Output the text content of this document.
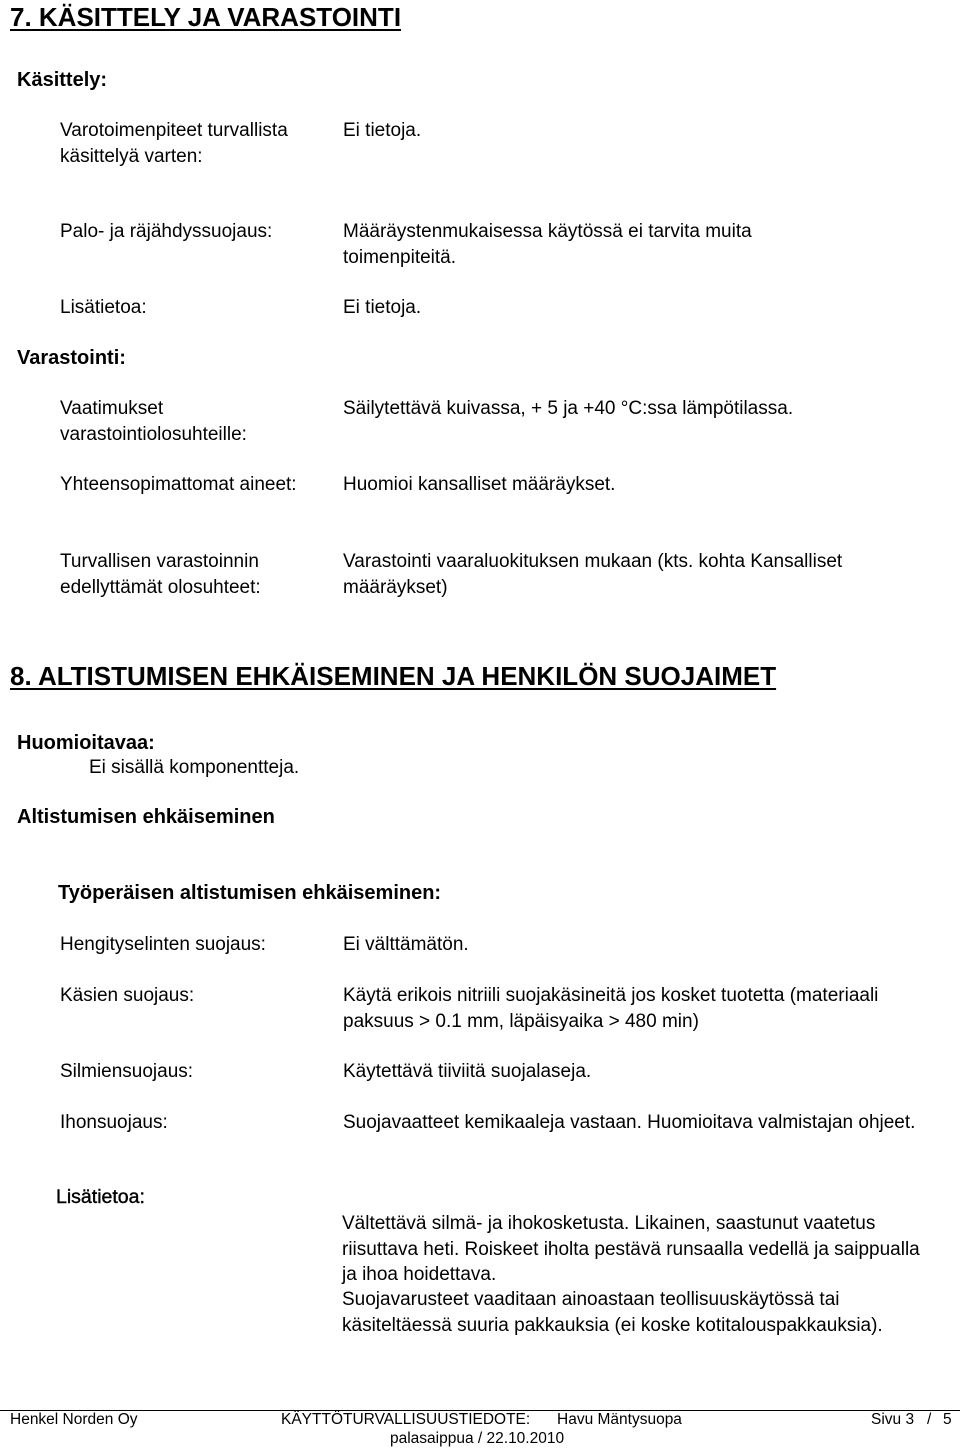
7. KÄSITTELY JA VARASTOINTI
Käsittely:
Varotoimenpiteet turvallista käsittelyä varten:
Ei tietoja.
Palo- ja räjähdyssuojaus:	Määräystenmukaisessa käytössä ei tarvita muita toimenpiteitä.
Lisätietoa:	Ei tietoja.
Varastointi:
Vaatimukset varastointiolosuhteille:
Säilytettävä kuivassa, + 5 ja +40 °C:ssa lämpötilassa.
Yhteensopimattomat aineet: Huomioi kansalliset määräykset.
Turvallisen varastoinnin edellyttämät olosuhteet:
Varastointi vaaraluokituksen mukaan (kts. kohta Kansalliset määräykset)
8. ALTISTUMISEN EHKÄISEMINEN JA HENKILÖN SUOJAIMET
Huomioitavaa:
Ei sisällä komponentteja.
Altistumisen ehkäiseminen
Työperäisen altistumisen ehkäiseminen:
Hengityselinten suojaus:	Ei välttämätön.
Käsien suojaus:	Käytä erikois nitriili suojakäsineitä jos kosket tuotetta (materiaali paksuus > 0.1 mm, läpäisyaika > 480 min)
Silmiensuojaus:	Käytettävä tiiviitä suojalaseja.
Ihonsuojaus:	Suojavaatteet kemikaaleja vastaan. Huomioitava valmistajan ohjeet.
Lisätietoa:
Vältettävä silmä- ja ihokosketusta. Likainen, saastunut vaatetus riisuttava heti. Roiskeet iholta pestävä runsaalla vedellä ja saippualla ja ihoa hoidettava.
Suojavarusteet vaaditaan ainoastaan teollisuuskäytössä tai käsiteltäessä suuria pakkauksia (ei koske kotitalouspakkauksia).
Henkel Norden Oy	KÄYTTÖTURVALLISUUSTIEDOTE: Havu Mäntysuopa
palasaippua / 22.10.2010
Sivu 3 / 5
